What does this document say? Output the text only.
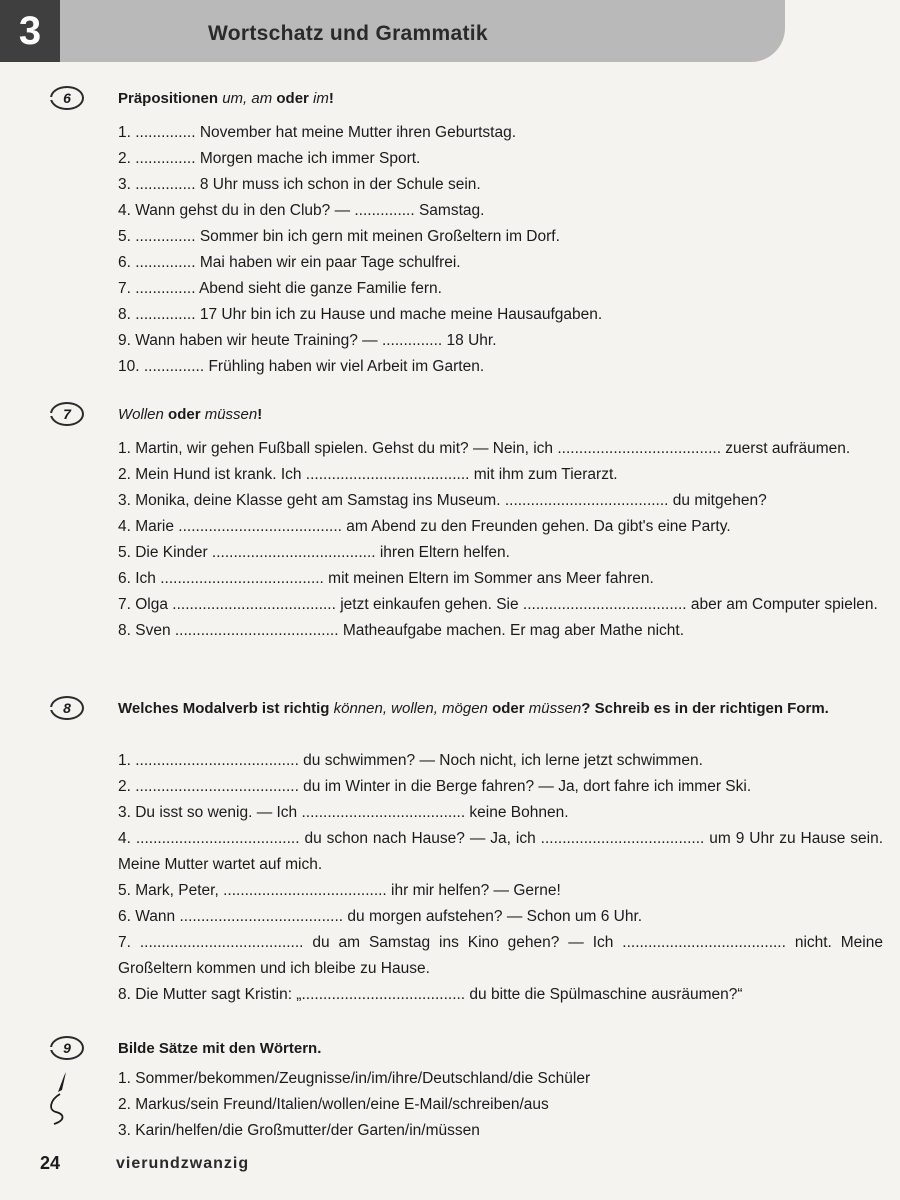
3	Wortschatz und Grammatik
6	Präpositionen um, am oder im!
1. .............. November hat meine Mutter ihren Geburtstag.
2. .............. Morgen mache ich immer Sport.
3. .............. 8 Uhr muss ich schon in der Schule sein.
4. Wann gehst du in den Club? — .............. Samstag.
5. .............. Sommer bin ich gern mit meinen Großeltern im Dorf.
6. .............. Mai haben wir ein paar Tage schulfrei.
7. .............. Abend sieht die ganze Familie fern.
8. .............. 17 Uhr bin ich zu Hause und mache meine Hausaufgaben.
9. Wann haben wir heute Training? — .............. 18 Uhr.
10. .............. Frühling haben wir viel Arbeit im Garten.
7	Wollen oder müssen!
1. Martin, wir gehen Fußball spielen. Gehst du mit? — Nein, ich ...................................... zuerst aufräumen.
2. Mein Hund ist krank. Ich ...................................... mit ihm zum Tierarzt.
3. Monika, deine Klasse geht am Samstag ins Museum. ...................................... du mitgehen?
4. Marie ...................................... am Abend zu den Freunden gehen. Da gibt's eine Party.
5. Die Kinder ...................................... ihren Eltern helfen.
6. Ich ...................................... mit meinen Eltern im Sommer ans Meer fahren.
7. Olga ...................................... jetzt einkaufen gehen. Sie ...................................... aber am Computer spielen.
8. Sven ...................................... Matheaufgabe machen. Er mag aber Mathe nicht.
8	Welches Modalverb ist richtig können, wollen, mögen oder müssen? Schreib es in der richtigen Form.
1. ...................................... du schwimmen? — Noch nicht, ich lerne jetzt schwimmen.
2. ...................................... du im Winter in die Berge fahren? — Ja, dort fahre ich immer Ski.
3. Du isst so wenig. — Ich ...................................... keine Bohnen.
4. ...................................... du schon nach Hause? — Ja, ich ...................................... um 9 Uhr zu Hause sein. Meine Mutter wartet auf mich.
5. Mark, Peter, ...................................... ihr mir helfen? — Gerne!
6. Wann ...................................... du morgen aufstehen? — Schon um 6 Uhr.
7. ...................................... du am Samstag ins Kino gehen? — Ich ...................................... nicht. Meine Großeltern kommen und ich bleibe zu Hause.
8. Die Mutter sagt Kristin: „...................................... du bitte die Spülmaschine ausräumen?“
9	Bilde Sätze mit den Wörtern.
1. Sommer/bekommen/Zeugnisse/in/im/ihre/Deutschland/die Schüler
2. Markus/sein Freund/Italien/wollen/eine E-Mail/schreiben/aus
3. Karin/helfen/die Großmutter/der Garten/in/müssen
24	vierundzwanzig
